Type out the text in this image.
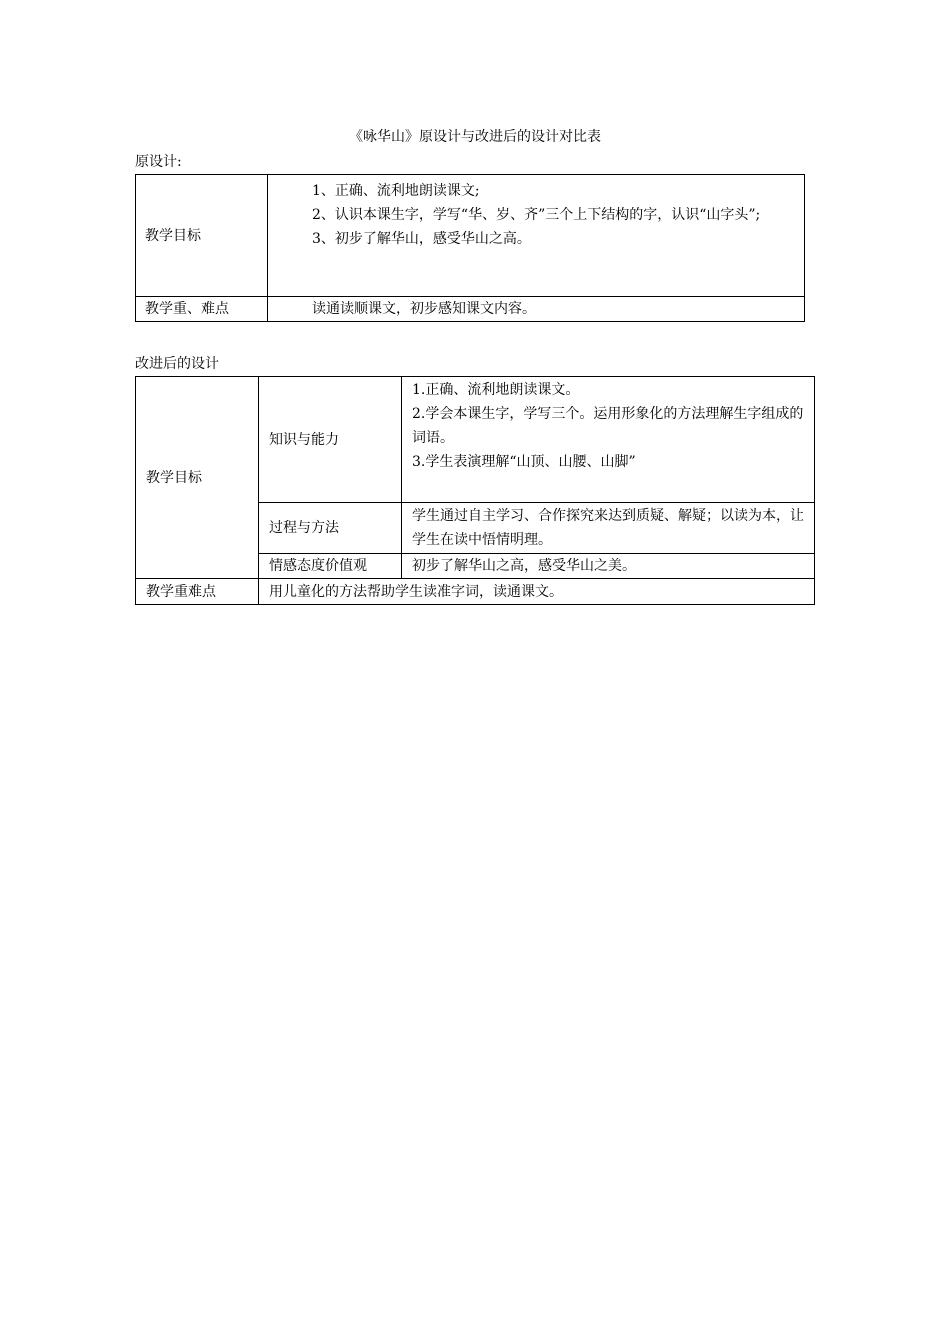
《咏华山》原设计与改进后的设计对比表
原设计:
教学目标	1、正确、流利地朗读课文;

2、认识本课生字，学写“华、岁、齐”三个上下结构的字，认识“山字头”;

3、初步了解华山，感受华山之高。

教学重、难点	读通读顺课文，初步感知课文内容。
改进后的设计
教学目标	知识与能力	1.正确、流利地朗读课文。

2.学会本课生字，学写三个。运用形象化的方法理解生字组成的词语。

3.学生表演理解“山顶、山腰、山脚”

	过程与方法	学生通过自主学习、合作探究来达到质疑、解疑；以读为本，让学生在读中悟情明理。
	情感态度价值观	初步了解华山之高，感受华山之美。
教学重难点	用儿童化的方法帮助学生读准字词，读通课文。	
